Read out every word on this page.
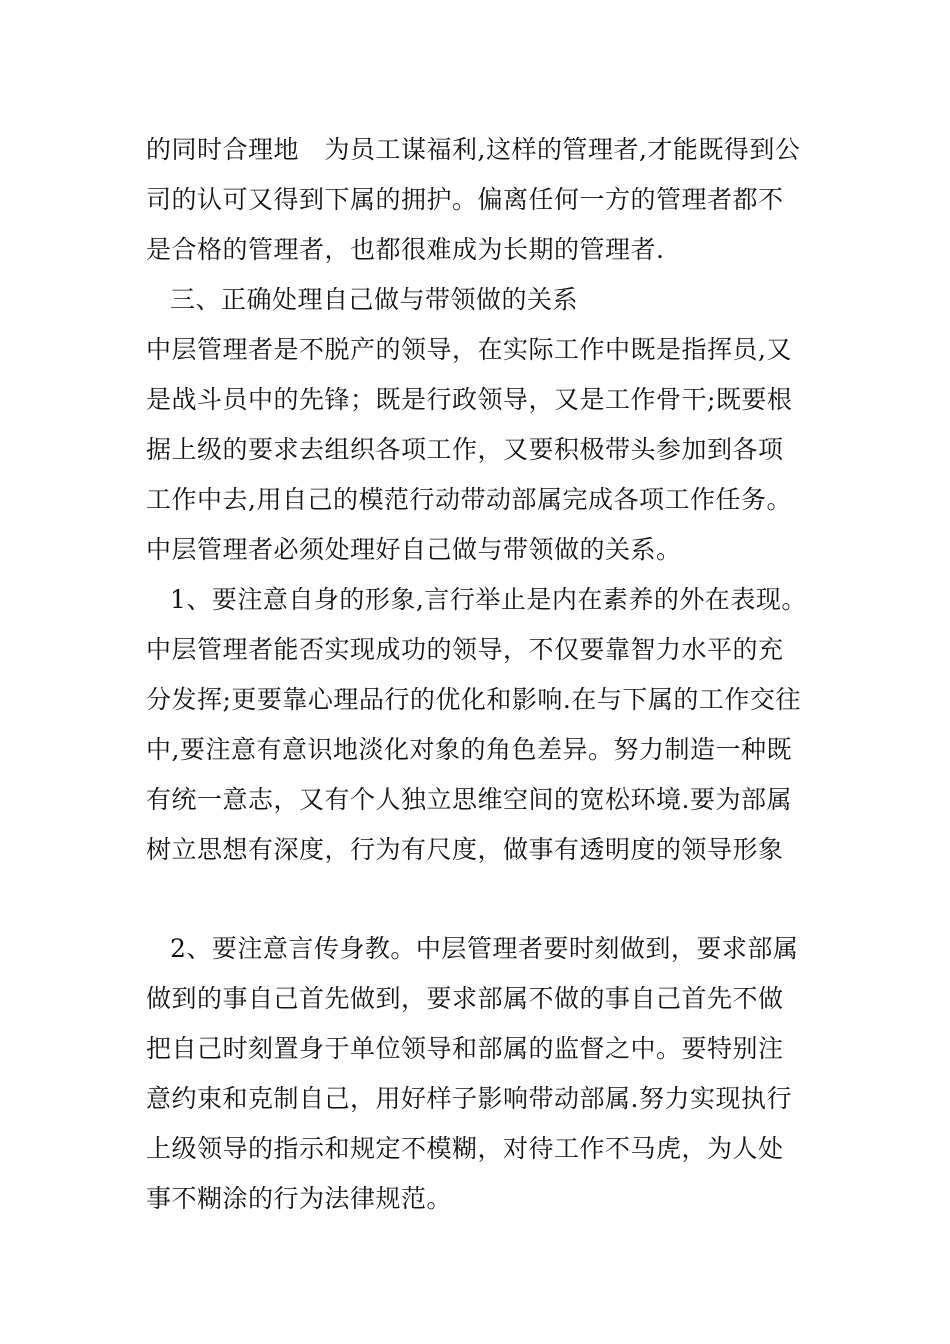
的同时合理地　为员工谋福利,这样的管理者,才能既得到公
司的认可又得到下属的拥护。偏离任何一方的管理者都不
是合格的管理者，也都很难成为长期的管理者.
三、正确处理自己做与带领做的关系
中层管理者是不脱产的领导，在实际工作中既是指挥员,又
是战斗员中的先锋；既是行政领导，又是工作骨干;既要根
据上级的要求去组织各项工作，又要积极带头参加到各项
工作中去,用自己的模范行动带动部属完成各项工作任务。
中层管理者必须处理好自己做与带领做的关系。
1、要注意自身的形象,言行举止是内在素养的外在表现。
中层管理者能否实现成功的领导，不仅要靠智力水平的充
分发挥;更要靠心理品行的优化和影响.在与下属的工作交往
中,要注意有意识地淡化对象的角色差异。努力制造一种既
有统一意志，又有个人独立思维空间的宽松环境.要为部属
树立思想有深度，行为有尺度，做事有透明度的领导形象
2、要注意言传身教。中层管理者要时刻做到，要求部属
做到的事自己首先做到，要求部属不做的事自己首先不做
把自己时刻置身于单位领导和部属的监督之中。要特别注
意约束和克制自己，用好样子影响带动部属.努力实现执行
上级领导的指示和规定不模糊，对待工作不马虎，为人处
事不糊涂的行为法律规范。
